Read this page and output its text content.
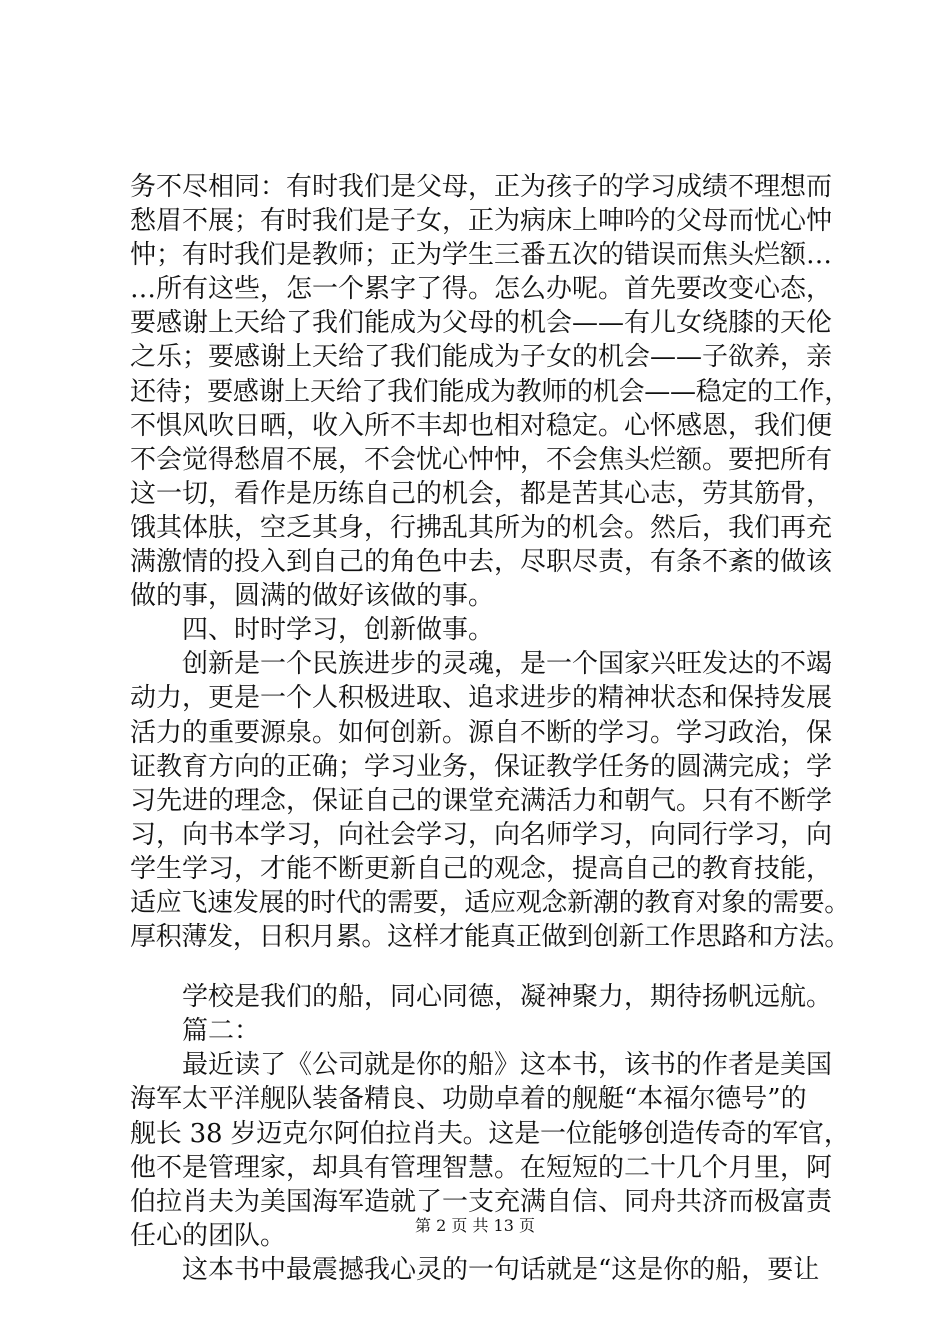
务不尽相同：有时我们是父母，正为孩子的学习成绩不理想而
愁眉不展；有时我们是子女，正为病床上呻吟的父母而忧心忡
忡；有时我们是教师；正为学生三番五次的错误而焦头烂额…
…所有这些，怎一个累字了得。怎么办呢。首先要改变心态，
要感谢上天给了我们能成为父母的机会——有儿女绕膝的天伦
之乐；要感谢上天给了我们能成为子女的机会——子欲养，亲
还待；要感谢上天给了我们能成为教师的机会——稳定的工作，
不惧风吹日晒，收入所不丰却也相对稳定。心怀感恩，我们便
不会觉得愁眉不展，不会忧心忡忡，不会焦头烂额。要把所有
这一切，看作是历练自己的机会，都是苦其心志，劳其筋骨，
饿其体肤，空乏其身，行拂乱其所为的机会。然后，我们再充
满激情的投入到自己的角色中去，尽职尽责，有条不紊的做该
做的事，圆满的做好该做的事。
　　四、时时学习，创新做事。
　　创新是一个民族进步的灵魂，是一个国家兴旺发达的不竭
动力，更是一个人积极进取、追求进步的精神状态和保持发展
活力的重要源泉。如何创新。源自不断的学习。学习政治，保
证教育方向的正确；学习业务，保证教学任务的圆满完成；学
习先进的理念，保证自己的课堂充满活力和朝气。只有不断学
习，向书本学习，向社会学习，向名师学习，向同行学习，向
学生学习，才能不断更新自己的观念，提高自己的教育技能，
适应飞速发展的时代的需要，适应观念新潮的教育对象的需要。
厚积薄发，日积月累。这样才能真正做到创新工作思路和方法。
　　学校是我们的船，同心同德，凝神聚力，期待扬帆远航。
　　篇二：
　　最近读了《公司就是你的船》这本书，该书的作者是美国
海军太平洋舰队装备精良、功勋卓着的舰艇“本福尔德号”的
舰长 38 岁迈克尔阿伯拉肖夫。这是一位能够创造传奇的军官，
他不是管理家，却具有管理智慧。在短短的二十几个月里，阿
伯拉肖夫为美国海军造就了一支充满自信、同舟共济而极富责
任心的团队。
　　这本书中最震撼我心灵的一句话就是“这是你的船，要让
第 2 页 共 13 页
